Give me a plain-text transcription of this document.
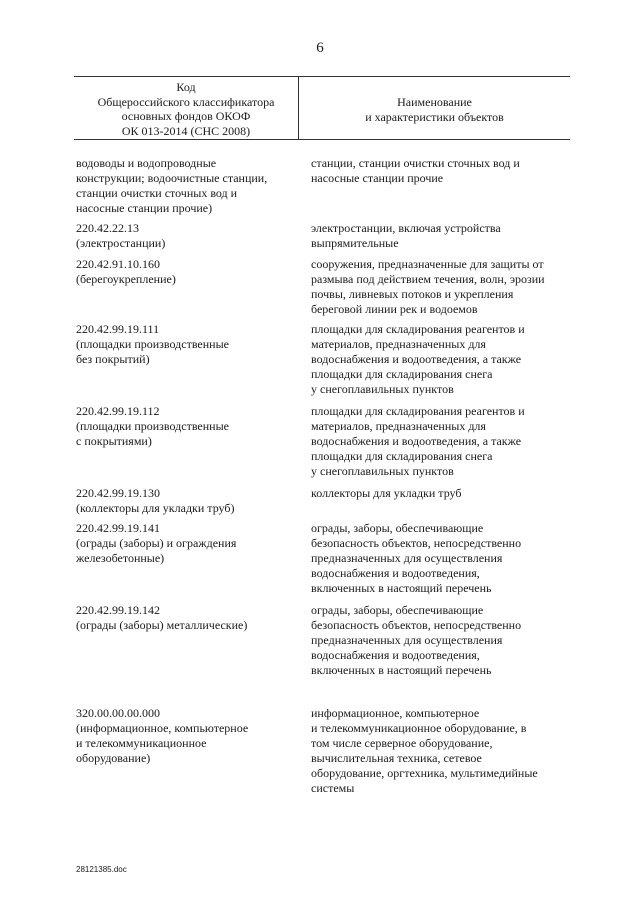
6
Код
Общероссийского классификатора
основных фондов ОКОФ
ОК 013-2014 (СНС 2008)
Наименование
и характеристики объектов
водоводы и водопроводные
конструкции; водоочистные станции,
станции очистки сточных вод и
насосные станции прочие)
станции, станции очистки сточных вод и
насосные станции прочие
220.42.22.13
(электростанции)
электростанции, включая устройства
выпрямительные
220.42.91.10.160
(берегоукрепление)
сооружения, предназначенные для защиты от
размыва под действием течения, волн, эрозии
почвы, ливневых потоков и укрепления
береговой линии рек и водоемов
220.42.99.19.111
(площадки производственные
без покрытий)
площадки для складирования реагентов и
материалов, предназначенных для
водоснабжения и водоотведения, а также
площадки для складирования снега
у снегоплавильных пунктов
220.42.99.19.112
(площадки производственные
с покрытиями)
площадки для складирования реагентов и
материалов, предназначенных для
водоснабжения и водоотведения, а также
площадки для складирования снега
у снегоплавильных пунктов
220.42.99.19.130
(коллекторы для укладки труб)
коллекторы для укладки труб
220.42.99.19.141
(ограды (заборы) и ограждения
железобетонные)
ограды, заборы, обеспечивающие
безопасность объектов, непосредственно
предназначенных для осуществления
водоснабжения и водоотведения,
включенных в настоящий перечень
220.42.99.19.142
(ограды (заборы) металлические)
ограды, заборы, обеспечивающие
безопасность объектов, непосредственно
предназначенных для осуществления
водоснабжения и водоотведения,
включенных в настоящий перечень
320.00.00.00.000
(информационное, компьютерное
и телекоммуникационное
оборудование)
информационное, компьютерное
и телекоммуникационное оборудование, в
том числе серверное оборудование,
вычислительная техника, сетевое
оборудование, оргтехника, мультимедийные
системы
28121385.doc
